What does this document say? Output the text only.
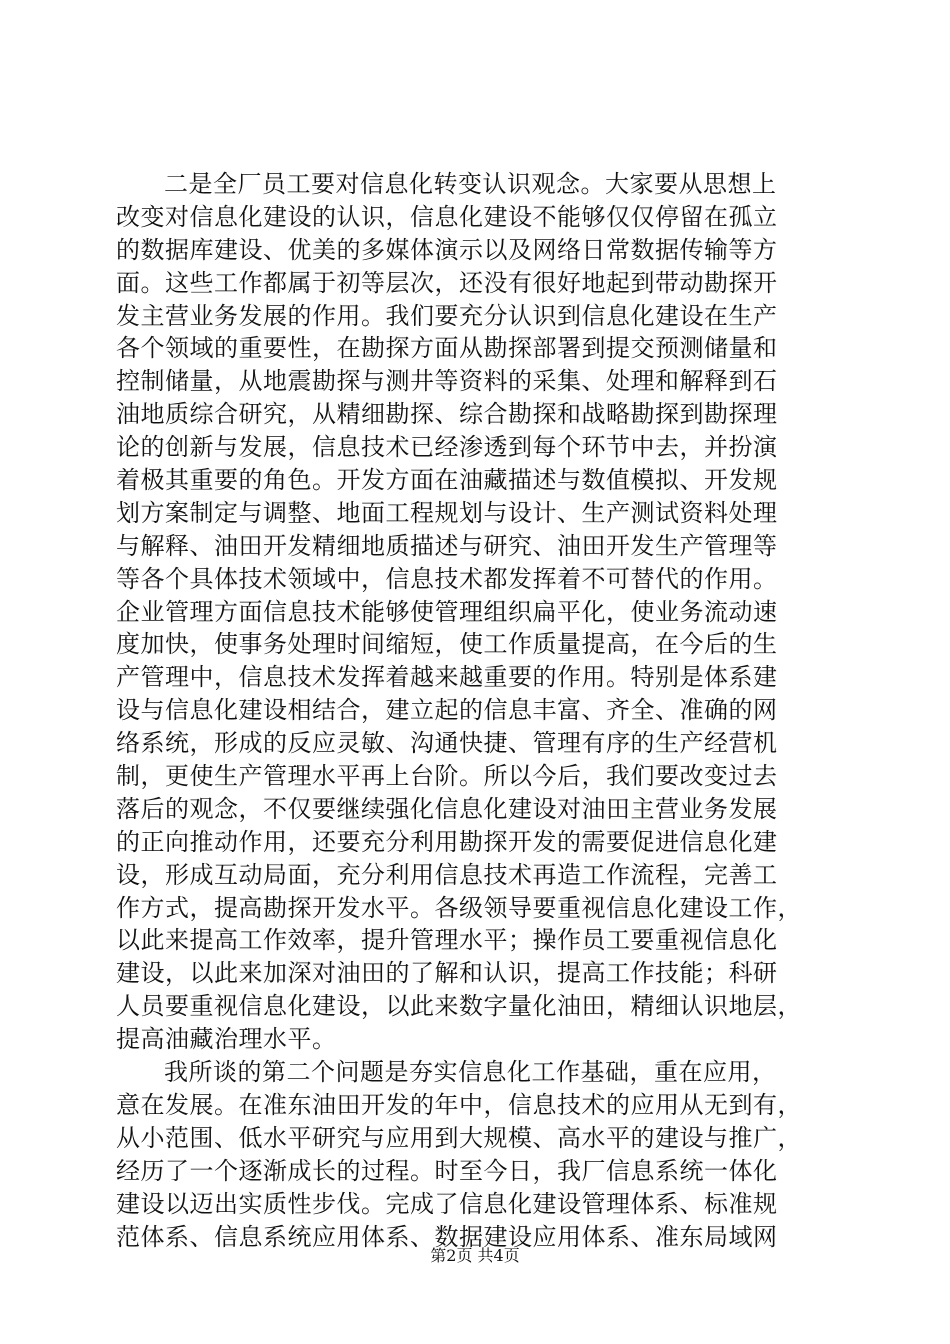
二是全厂员工要对信息化转变认识观念。大家要从思想上
改变对信息化建设的认识，信息化建设不能够仅仅停留在孤立
的数据库建设、优美的多媒体演示以及网络日常数据传输等方
面。这些工作都属于初等层次，还没有很好地起到带动勘探开
发主营业务发展的作用。我们要充分认识到信息化建设在生产
各个领域的重要性，在勘探方面从勘探部署到提交预测储量和
控制储量，从地震勘探与测井等资料的采集、处理和解释到石
油地质综合研究，从精细勘探、综合勘探和战略勘探到勘探理
论的创新与发展，信息技术已经渗透到每个环节中去，并扮演
着极其重要的角色。开发方面在油藏描述与数值模拟、开发规
划方案制定与调整、地面工程规划与设计、生产测试资料处理
与解释、油田开发精细地质描述与研究、油田开发生产管理等
等各个具体技术领域中，信息技术都发挥着不可替代的作用。
企业管理方面信息技术能够使管理组织扁平化，使业务流动速
度加快，使事务处理时间缩短，使工作质量提高，在今后的生
产管理中，信息技术发挥着越来越重要的作用。特别是体系建
设与信息化建设相结合，建立起的信息丰富、齐全、准确的网
络系统，形成的反应灵敏、沟通快捷、管理有序的生产经营机
制，更使生产管理水平再上台阶。所以今后，我们要改变过去
落后的观念，不仅要继续强化信息化建设对油田主营业务发展
的正向推动作用，还要充分利用勘探开发的需要促进信息化建
设，形成互动局面，充分利用信息技术再造工作流程，完善工
作方式，提高勘探开发水平。各级领导要重视信息化建设工作，
以此来提高工作效率，提升管理水平；操作员工要重视信息化
建设，以此来加深对油田的了解和认识，提高工作技能；科研
人员要重视信息化建设，以此来数字量化油田，精细认识地层，
提高油藏治理水平。
我所谈的第二个问题是夯实信息化工作基础，重在应用，
意在发展。在准东油田开发的年中，信息技术的应用从无到有，
从小范围、低水平研究与应用到大规模、高水平的建设与推广，
经历了一个逐渐成长的过程。时至今日，我厂信息系统一体化
建设以迈出实质性步伐。完成了信息化建设管理体系、标准规
范体系、信息系统应用体系、数据建设应用体系、准东局域网
第2页 共4页
